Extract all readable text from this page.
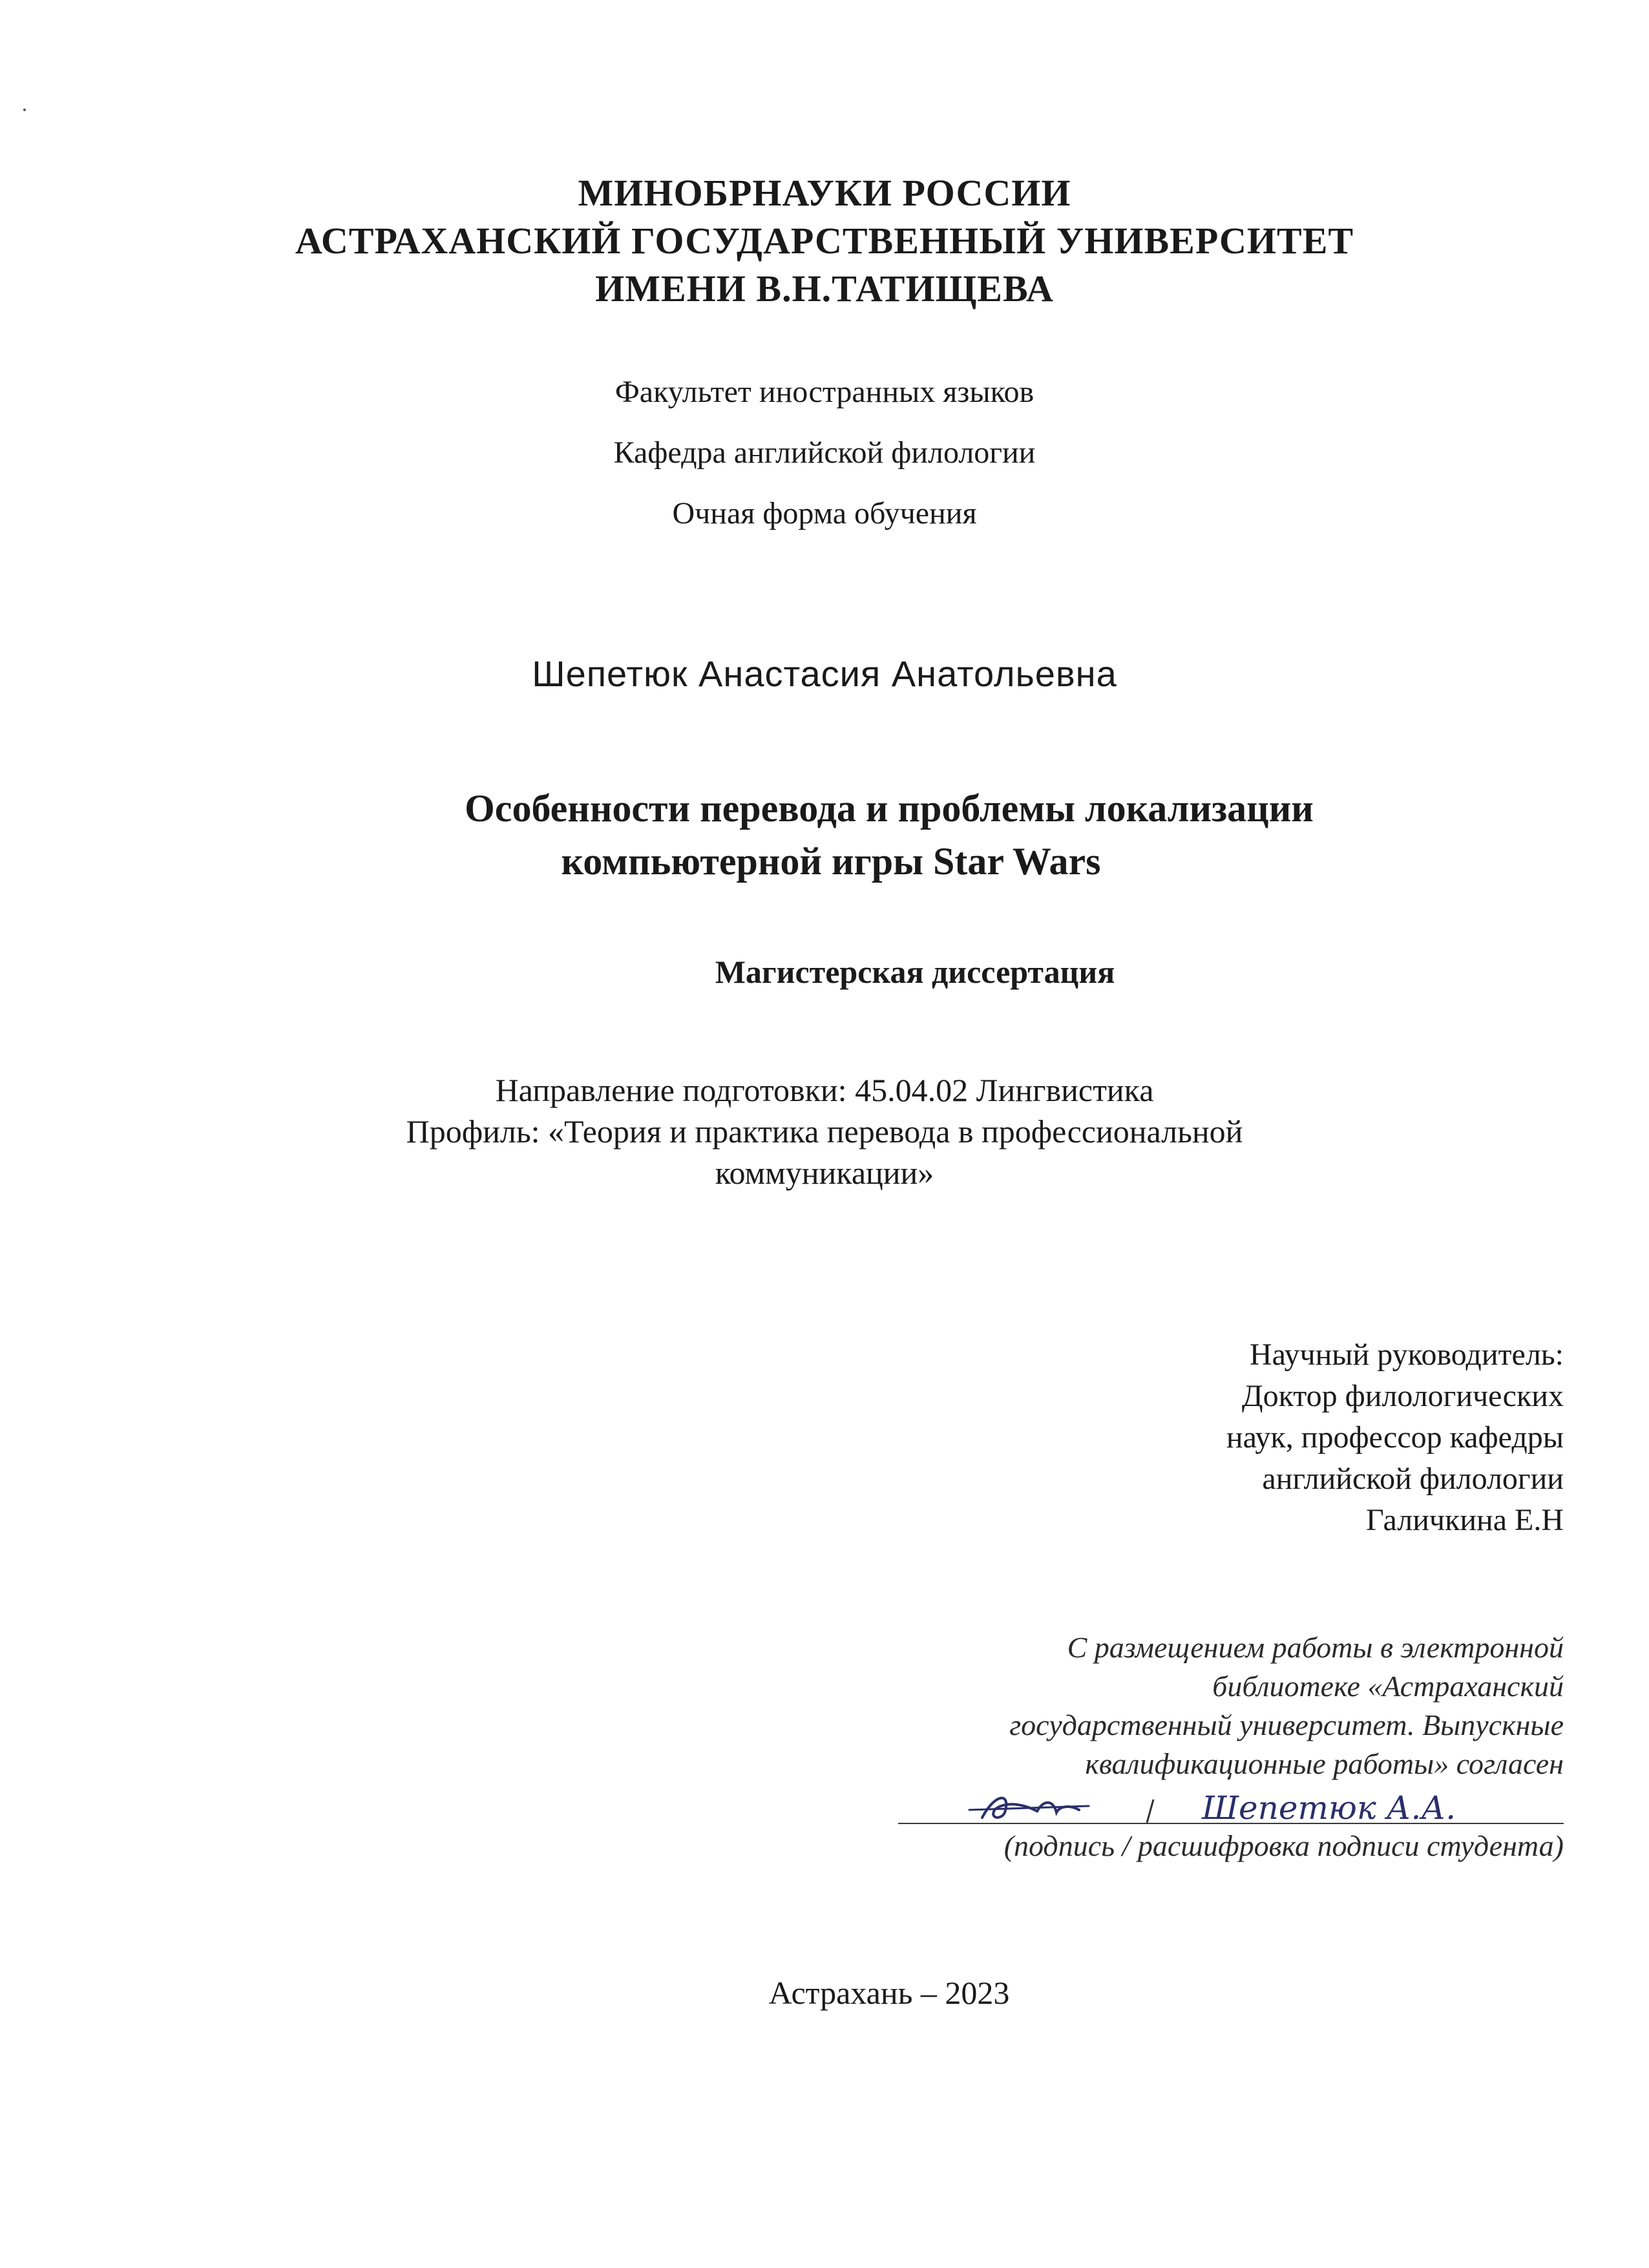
МИНОБРНАУКИ РОССИИ
АСТРАХАНСКИЙ ГОСУДАРСТВЕННЫЙ УНИВЕРСИТЕТ
ИМЕНИ В.Н.ТАТИЩЕВА
Факультет иностранных языков
Кафедра английской филологии
Очная форма обучения
Шепетюк Анастасия Анатольевна
Особенности перевода и проблемы локализации
компьютерной игры Star Wars
Магистерская диссертация
Направление подготовки: 45.04.02 Лингвистика
Профиль: «Теория и практика перевода в профессиональной
коммуникации»
Научный руководитель:
Доктор филологических
наук, профессор кафедры
английской филологии
Галичкина Е.Н
С размещением работы в электронной
библиотеке «Астраханский
государственный университет. Выпускные
квалификационные работы» согласен
Шепетюк А.А.
(подпись / расшифровка подписи студента)
Астрахань – 2023
